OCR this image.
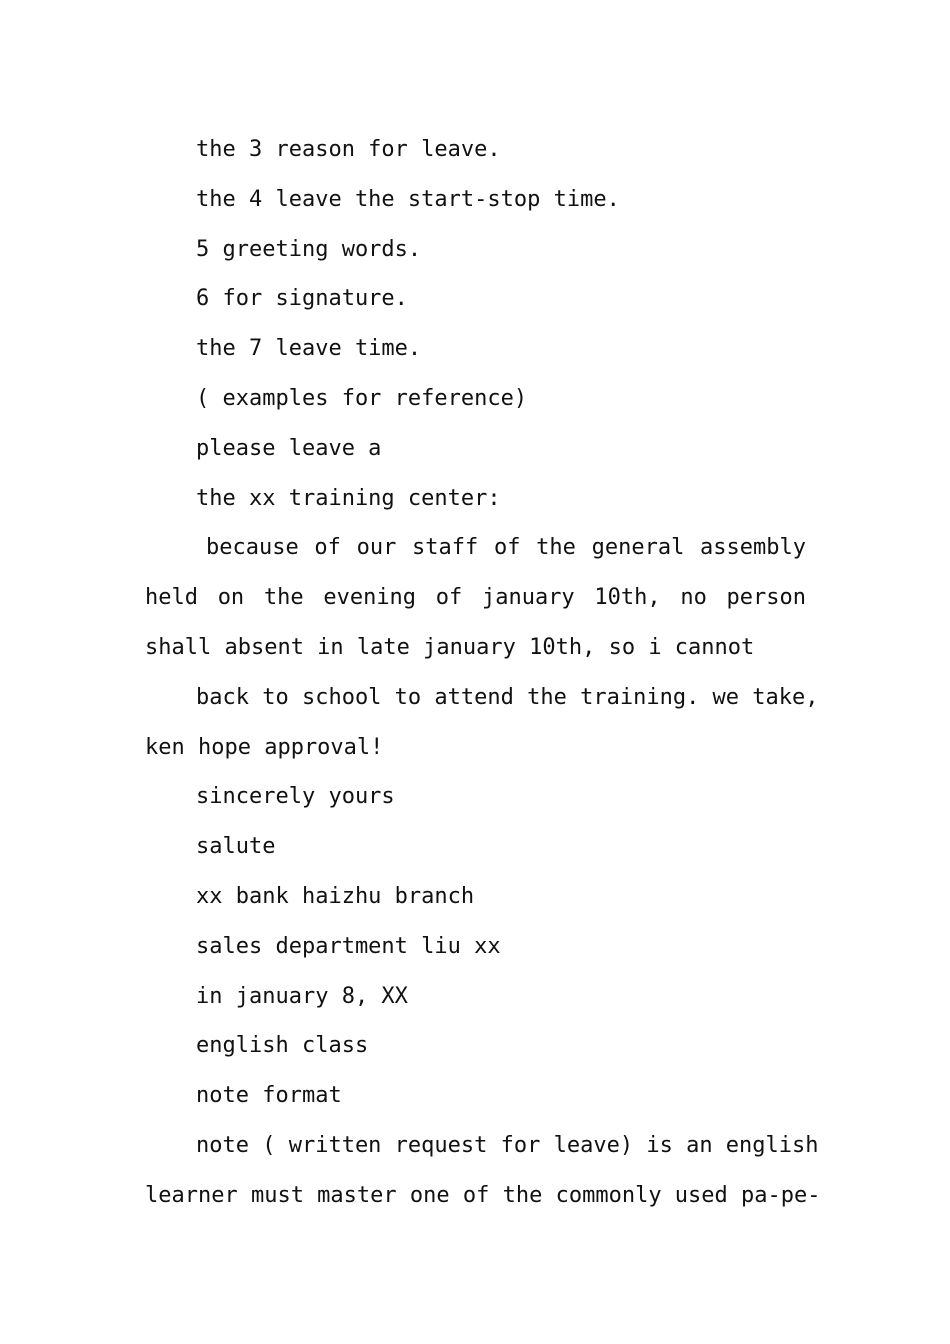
the 3 reason for leave.
the 4 leave the start-stop time.
5 greeting words.
6 for signature.
the 7 leave time.
( examples for reference)
please leave a
the xx training center:
because of our staff of the general assembly
held on the evening of january 10th, no person
shall absent in late january 10th, so i cannot
back to school to attend the training. we take,
ken hope approval!
sincerely yours
salute
xx bank haizhu branch
sales department liu xx
in january 8, XX
english class
note format
note ( written request for leave) is an english
learner must master one of the commonly used pa-pe-
